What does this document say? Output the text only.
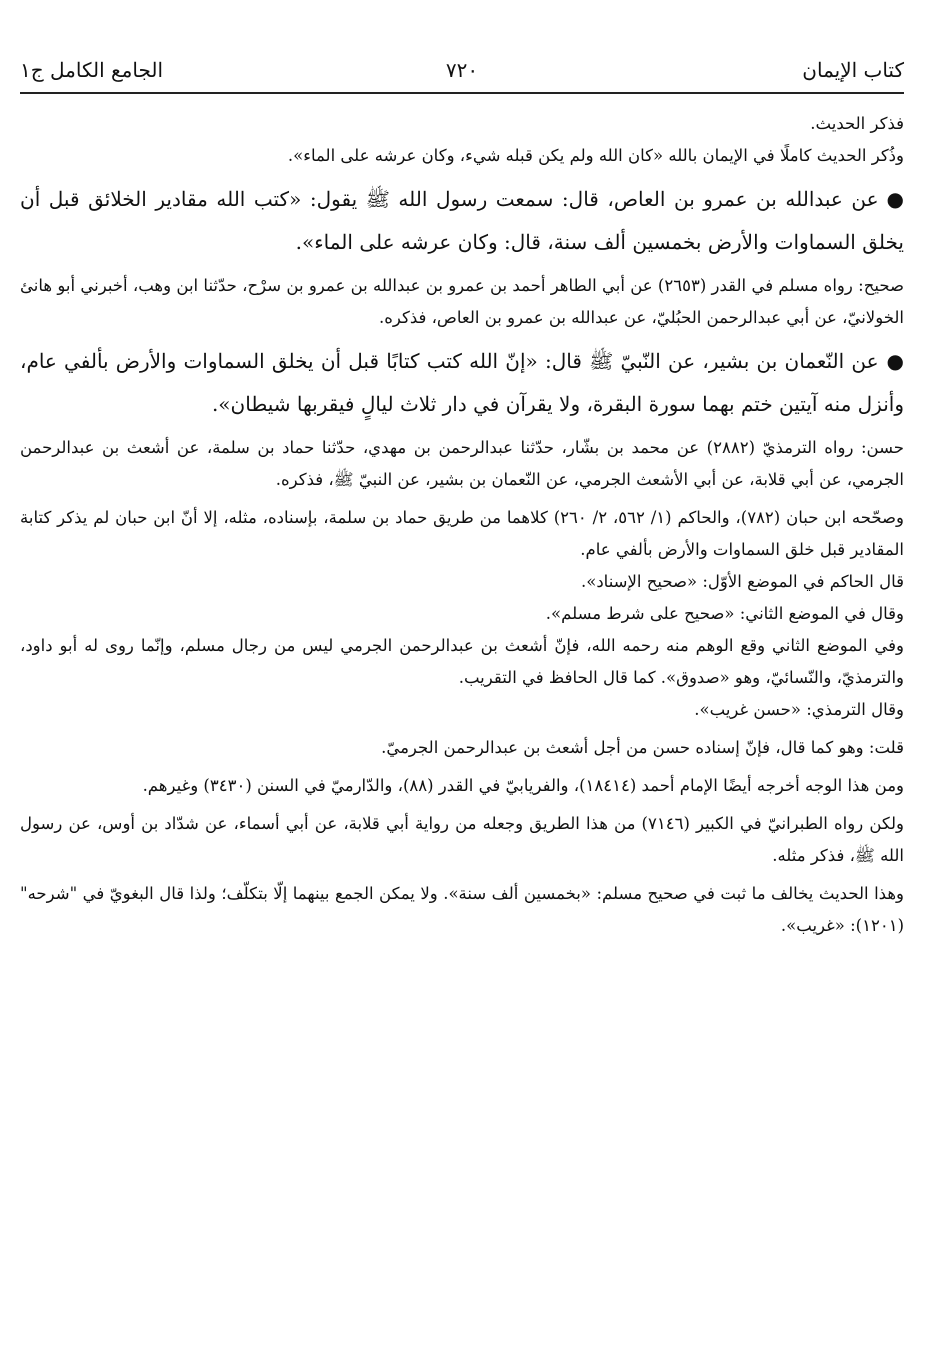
كتاب الإيمان
٧٢٠
الجامع الكامل ج١

فذكر الحديث.

وذُكر الحديث كاملًا في الإيمان بالله «كان الله ولم يكن قبله شيء، وكان عرشه على الماء».

●عن عبدالله بن عمرو بن العاص، قال: سمعت رسول الله ﷺ يقول: «كتب الله مقادير الخلائق قبل أن يخلق السماوات والأرض بخمسين ألف سنة، قال: وكان عرشه على الماء».

صحيح: رواه مسلم في القدر (٢٦٥٣) عن أبي الطاهر أحمد بن عمرو بن عبدالله بن عمرو بن سرْح، حدّثنا ابن وهب، أخبرني أبو هانئ الخولانيّ، عن أبي عبدالرحمن الحبُليّ، عن عبدالله بن عمرو بن العاص، فذكره.

●عن النّعمان بن بشير، عن النّبيّ ﷺ قال: «إنّ الله كتب كتابًا قبل أن يخلق السماوات والأرض بألفي عام، وأنزل منه آيتين ختم بهما سورة البقرة، ولا يقرآن في دار ثلاث ليالٍ فيقربها شيطان».

حسن: رواه الترمذيّ (٢٨٨٢) عن محمد بن بشّار، حدّثنا عبدالرحمن بن مهدي، حدّثنا حماد بن سلمة، عن أشعث بن عبدالرحمن الجرمي، عن أبي قلابة، عن أبي الأشعث الجرمي، عن النّعمان بن بشير، عن النبيّ ﷺ، فذكره.

وصحّحه ابن حبان (٧٨٢)، والحاكم (١/ ٥٦٢، ٢/ ٢٦٠) كلاهما من طريق حماد بن سلمة، بإسناده، مثله، إلا أنّ ابن حبان لم يذكر كتابة المقادير قبل خلق السماوات والأرض بألفي عام.

قال الحاكم في الموضع الأوّل: «صحيح الإسناد».

وقال في الموضع الثاني: «صحيح على شرط مسلم».

وفي الموضع الثاني وقع الوهم منه رحمه الله، فإنّ أشعث بن عبدالرحمن الجرمي ليس من رجال مسلم، وإنّما روى له أبو داود، والترمذيّ، والنّسائيّ، وهو «صدوق». كما قال الحافظ في التقريب.

وقال الترمذي: «حسن غريب».

قلت: وهو كما قال، فإنّ إسناده حسن من أجل أشعث بن عبدالرحمن الجرميّ.

ومن هذا الوجه أخرجه أيضًا الإمام أحمد (١٨٤١٤)، والفريابيّ في القدر (٨٨)، والدّارميّ في السنن (٣٤٣٠) وغيرهم.

ولكن رواه الطبرانيّ في الكبير (٧١٤٦) من هذا الطريق وجعله من رواية أبي قلابة، عن أبي أسماء، عن شدّاد بن أوس، عن رسول الله ﷺ، فذكر مثله.

وهذا الحديث يخالف ما ثبت في صحيح مسلم: «بخمسين ألف سنة». ولا يمكن الجمع بينهما إلّا بتكلّف؛ ولذا قال البغويّ في "شرحه" (١٢٠١): «غريب».
